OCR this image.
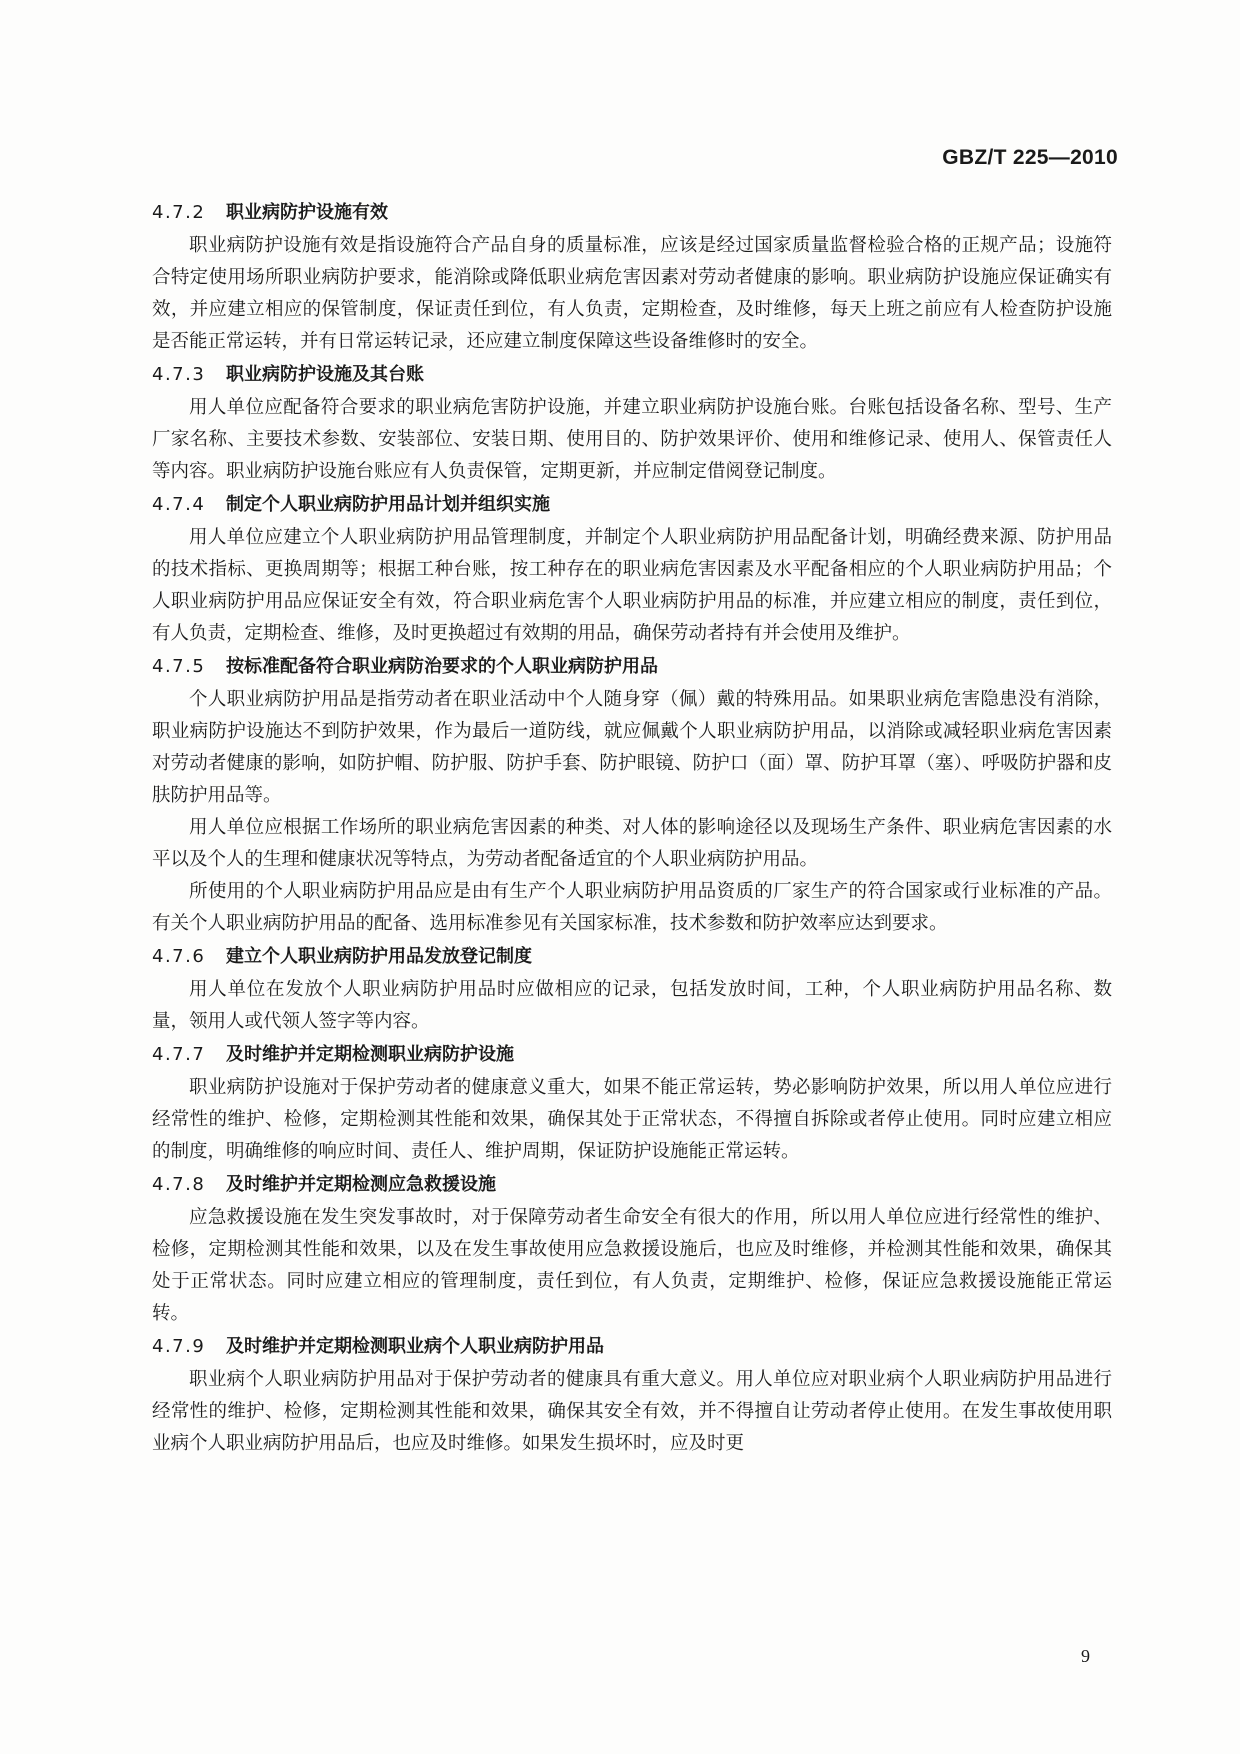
GBZ/T 225—2010
4.7.2 职业病防护设施有效

职业病防护设施有效是指设施符合产品自身的质量标准，应该是经过国家质量监督检验合格的正规产品；设施符合特定使用场所职业病防护要求，能消除或降低职业病危害因素对劳动者健康的影响。职业病防护设施应保证确实有效，并应建立相应的保管制度，保证责任到位，有人负责，定期检查，及时维修，每天上班之前应有人检查防护设施是否能正常运转，并有日常运转记录，还应建立制度保障这些设备维修时的安全。

4.7.3 职业病防护设施及其台账

用人单位应配备符合要求的职业病危害防护设施，并建立职业病防护设施台账。台账包括设备名称、型号、生产厂家名称、主要技术参数、安装部位、安装日期、使用目的、防护效果评价、使用和维修记录、使用人、保管责任人等内容。职业病防护设施台账应有人负责保管，定期更新，并应制定借阅登记制度。

4.7.4 制定个人职业病防护用品计划并组织实施

用人单位应建立个人职业病防护用品管理制度，并制定个人职业病防护用品配备计划，明确经费来源、防护用品的技术指标、更换周期等；根据工种台账，按工种存在的职业病危害因素及水平配备相应的个人职业病防护用品；个人职业病防护用品应保证安全有效，符合职业病危害个人职业病防护用品的标准，并应建立相应的制度，责任到位，有人负责，定期检查、维修，及时更换超过有效期的用品，确保劳动者持有并会使用及维护。

4.7.5 按标准配备符合职业病防治要求的个人职业病防护用品

个人职业病防护用品是指劳动者在职业活动中个人随身穿（佩）戴的特殊用品。如果职业病危害隐患没有消除，职业病防护设施达不到防护效果，作为最后一道防线，就应佩戴个人职业病防护用品，以消除或减轻职业病危害因素对劳动者健康的影响，如防护帽、防护服、防护手套、防护眼镜、防护口（面）罩、防护耳罩（塞）、呼吸防护器和皮肤防护用品等。

用人单位应根据工作场所的职业病危害因素的种类、对人体的影响途径以及现场生产条件、职业病危害因素的水平以及个人的生理和健康状况等特点，为劳动者配备适宜的个人职业病防护用品。

所使用的个人职业病防护用品应是由有生产个人职业病防护用品资质的厂家生产的符合国家或行业标准的产品。有关个人职业病防护用品的配备、选用标准参见有关国家标准，技术参数和防护效率应达到要求。

4.7.6 建立个人职业病防护用品发放登记制度

用人单位在发放个人职业病防护用品时应做相应的记录，包括发放时间，工种，个人职业病防护用品名称、数量，领用人或代领人签字等内容。

4.7.7 及时维护并定期检测职业病防护设施

职业病防护设施对于保护劳动者的健康意义重大，如果不能正常运转，势必影响防护效果，所以用人单位应进行经常性的维护、检修，定期检测其性能和效果，确保其处于正常状态，不得擅自拆除或者停止使用。同时应建立相应的制度，明确维修的响应时间、责任人、维护周期，保证防护设施能正常运转。

4.7.8 及时维护并定期检测应急救援设施

应急救援设施在发生突发事故时，对于保障劳动者生命安全有很大的作用，所以用人单位应进行经常性的维护、检修，定期检测其性能和效果，以及在发生事故使用应急救援设施后，也应及时维修，并检测其性能和效果，确保其处于正常状态。同时应建立相应的管理制度，责任到位，有人负责，定期维护、检修，保证应急救援设施能正常运转。

4.7.9 及时维护并定期检测职业病个人职业病防护用品

职业病个人职业病防护用品对于保护劳动者的健康具有重大意义。用人单位应对职业病个人职业病防护用品进行经常性的维护、检修，定期检测其性能和效果，确保其安全有效，并不得擅自让劳动者停止使用。在发生事故使用职业病个人职业病防护用品后，也应及时维修。如果发生损坏时，应及时更

9
